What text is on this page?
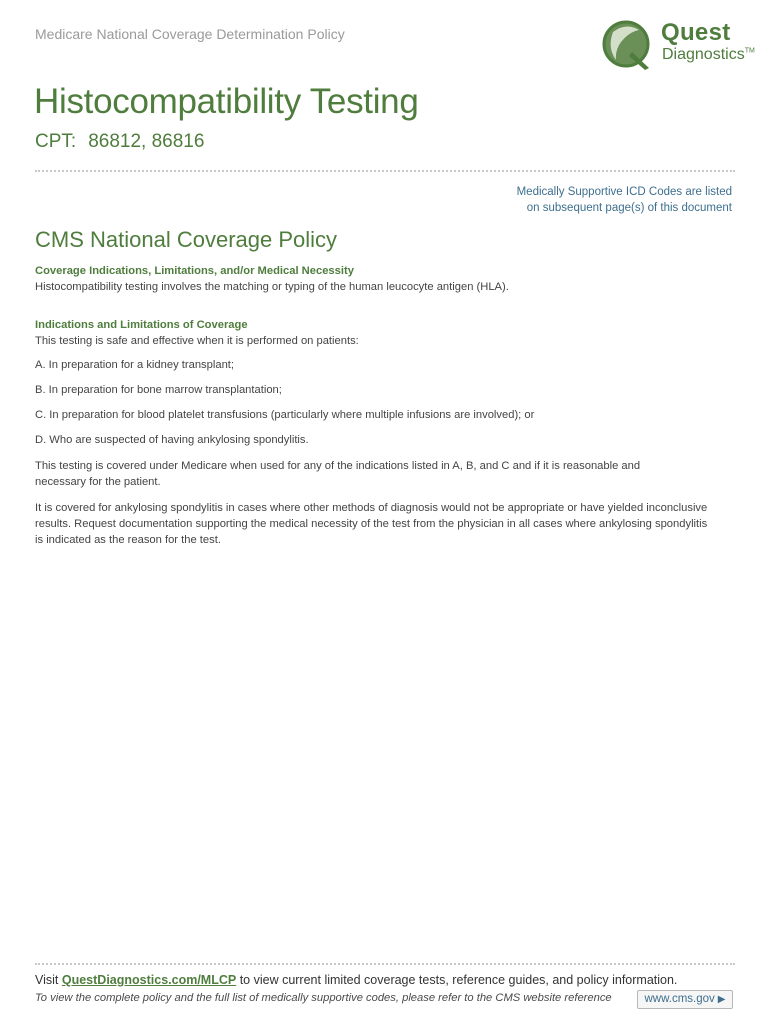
Medicare National Coverage Determination Policy	Quest
Diagnostics™
Histocompatibility Testing
CPT: 86812, 86816
Medically Supportive ICD Codes are listed
on subsequent page(s) of this document
CMS National Coverage Policy
Coverage Indications, Limitations, and/or Medical Necessity
Histocompatibility testing involves the matching or typing of the human leucocyte antigen (HLA).
Indications and Limitations of Coverage
This testing is safe and effective when it is performed on patients:
A. In preparation for a kidney transplant;
B. In preparation for bone marrow transplantation;
C. In preparation for blood platelet transfusions (particularly where multiple infusions are involved); or
D. Who are suspected of having ankylosing spondylitis.
This testing is covered under Medicare when used for any of the indications listed in A, B, and C and if it is reasonable and
necessary for the patient.
It is covered for ankylosing spondylitis in cases where other methods of diagnosis would not be appropriate or have yielded inconclusive
results. Request documentation supporting the medical necessity of the test from the physician in all cases where ankylosing spondylitis
is indicated as the reason for the test.
Visit QuestDiagnostics.com/MLCP to view current limited coverage tests, reference guides, and policy information.
To view the complete policy and the full list of medically supportive codes, please refer to the CMS website reference	www.cms.gov ▶
